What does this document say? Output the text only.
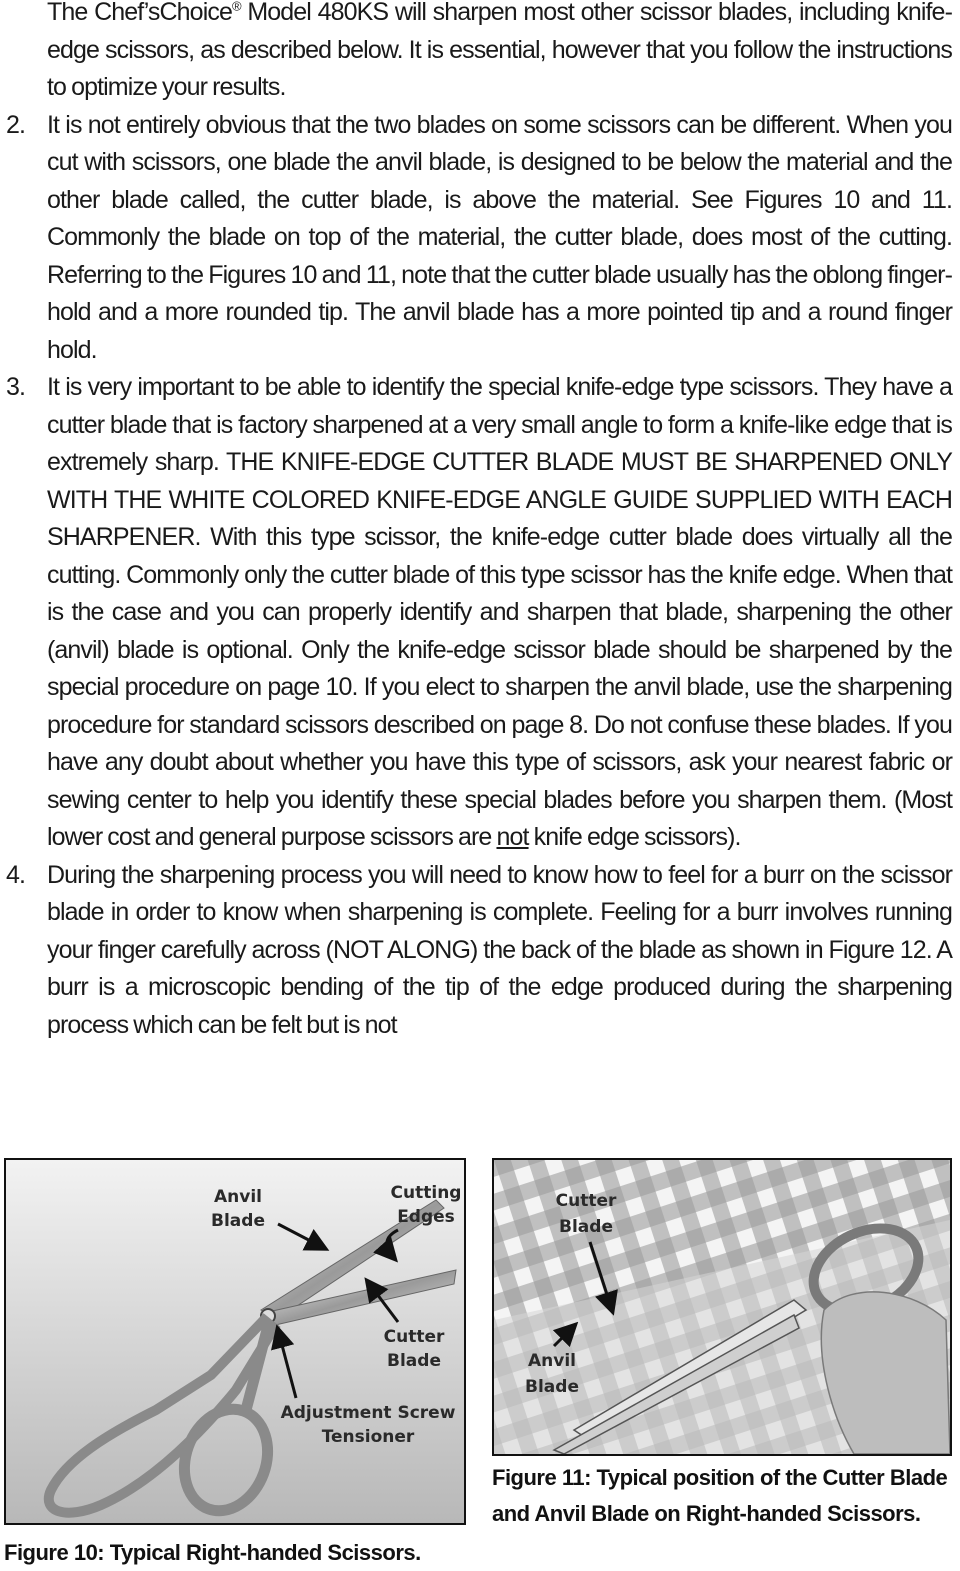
The Chef’sChoice® Model 480KS will sharpen most other scissor blades, including knife-edge scissors, as described below. It is essential, however that you follow the instructions to optimize your results.

2. It is not entirely obvious that the two blades on some scissors can be different. When you cut with scissors, one blade the anvil blade, is designed to be below the material and the other blade called, the cutter blade, is above the material. See Figures 10 and 11. Commonly the blade on top of the material, the cutter blade, does most of the cutting. Referring to the Figures 10 and 11, note that the cutter blade usually has the oblong finger-hold and a more rounded tip. The anvil blade has a more pointed tip and a round finger hold.

3. It is very important to be able to identify the special knife-edge type scissors. They have a cutter blade that is factory sharpened at a very small angle to form a knife-like edge that is extremely sharp. THE KNIFE-EDGE CUTTER BLADE MUST BE SHARPENED ONLY WITH THE WHITE COLORED KNIFE-EDGE ANGLE GUIDE SUPPLIED WITH EACH SHARPENER. With this type scissor, the knife-edge cutter blade does virtually all the cutting. Commonly only the cutter blade of this type scissor has the knife edge. When that is the case and you can properly identify and sharpen that blade, sharpening the other (anvil) blade is optional. Only the knife-edge scissor blade should be sharpened by the special procedure on page 10. If you elect to sharpen the anvil blade, use the sharpening procedure for standard scissors described on page 8. Do not confuse these blades. If you have any doubt about whether you have this type of scissors, ask your nearest fabric or sewing center to help you identify these special blades before you sharpen them. (Most lower cost and general purpose scissors are not knife edge scissors).

4. During the sharpening process you will need to know how to feel for a burr on the scissor blade in order to know when sharpening is complete. Feeling for a burr involves running your finger carefully across (NOT ALONG) the back of the blade as shown in Figure 12. A burr is a microscopic bending of the tip of the edge produced during the sharpening process which can be felt but is not

Anvil
Blade
Cutting
Edges
Cutter
Blade
Adjustment Screw
Tensioner
Cutter
Blade
Anvil
Blade
Figure 10: Typical Right-handed Scissors.
Figure 11: Typical position of the Cutter Blade and Anvil Blade on Right-handed Scissors.
